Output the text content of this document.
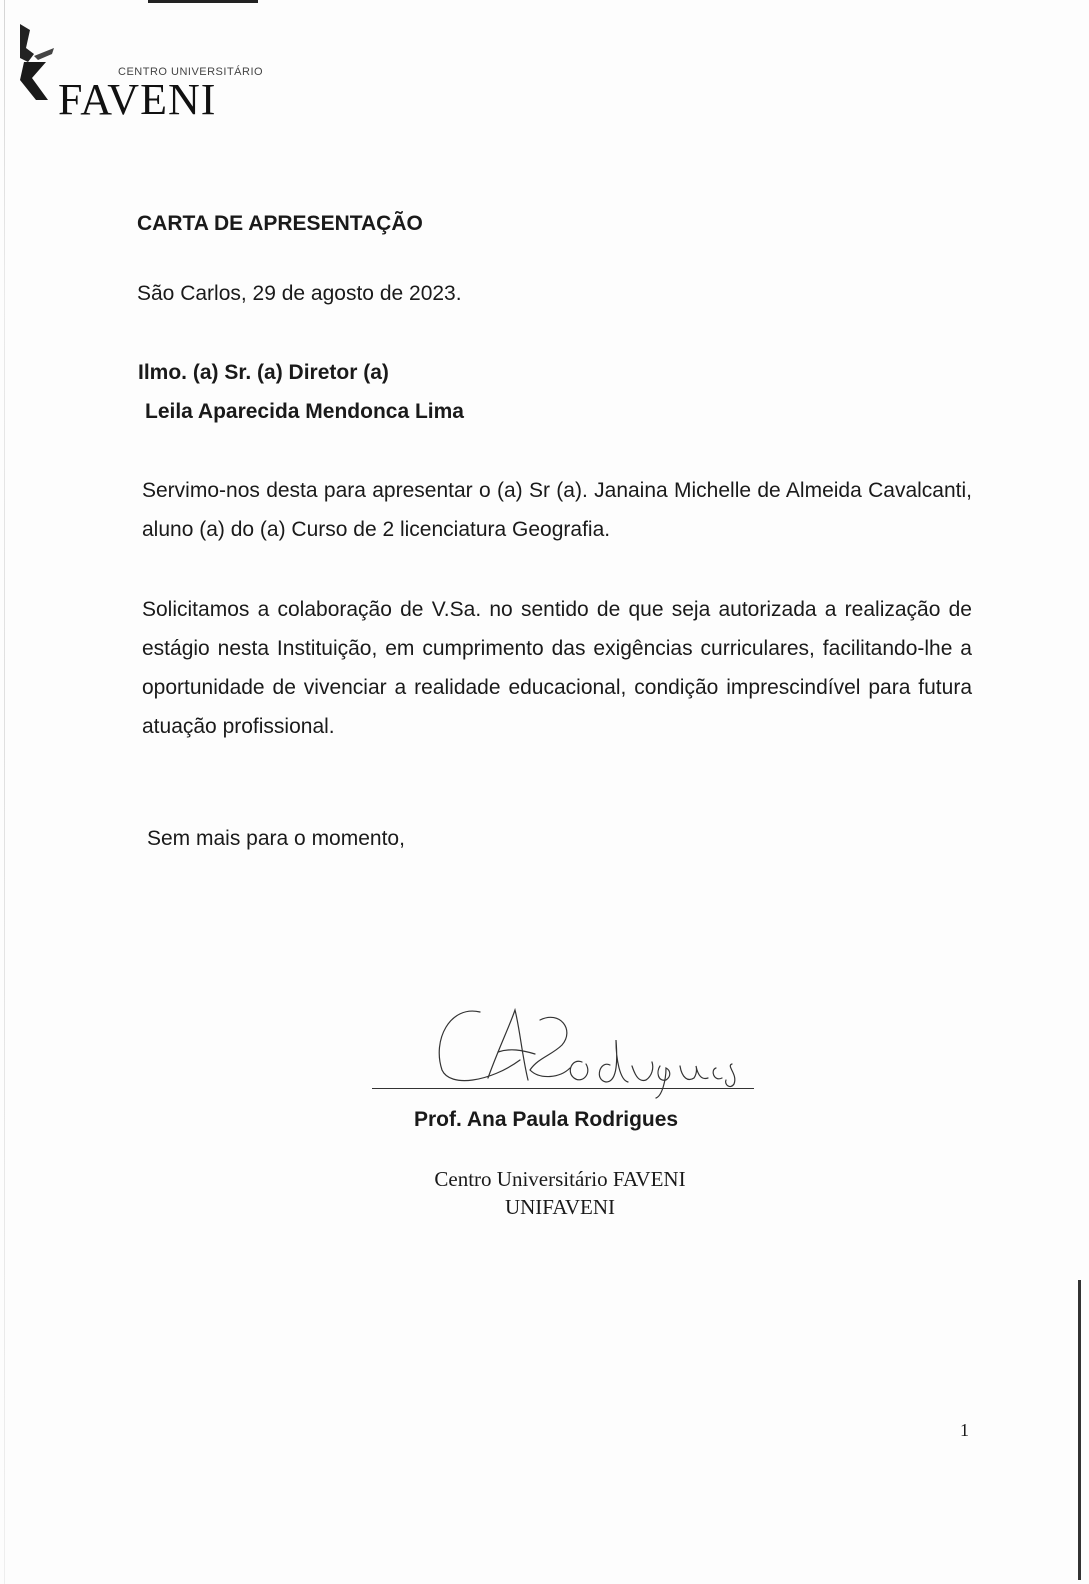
CENTRO UNIVERSITÁRIO
FAVENI
CARTA DE APRESENTAÇÃO
São Carlos, 29 de agosto de 2023.
Ilmo. (a) Sr. (a) Diretor (a)
Leila Aparecida Mendonca Lima

Servimo-nos desta para apresentar o (a) Sr (a). Janaina Michelle de Almeida Cavalcanti, aluno (a) do (a) Curso de 2 licenciatura Geografia.

Solicitamos a colaboração de V.Sa. no sentido de que seja autorizada a realização de estágio nesta Instituição, em cumprimento das exigências curriculares, facilitando-lhe a oportunidade de vivenciar a realidade educacional, condição imprescindível para futura atuação profissional.

Sem mais para o momento,
Prof. Ana Paula Rodrigues
Centro Universitário FAVENI
UNIFAVENI
1
